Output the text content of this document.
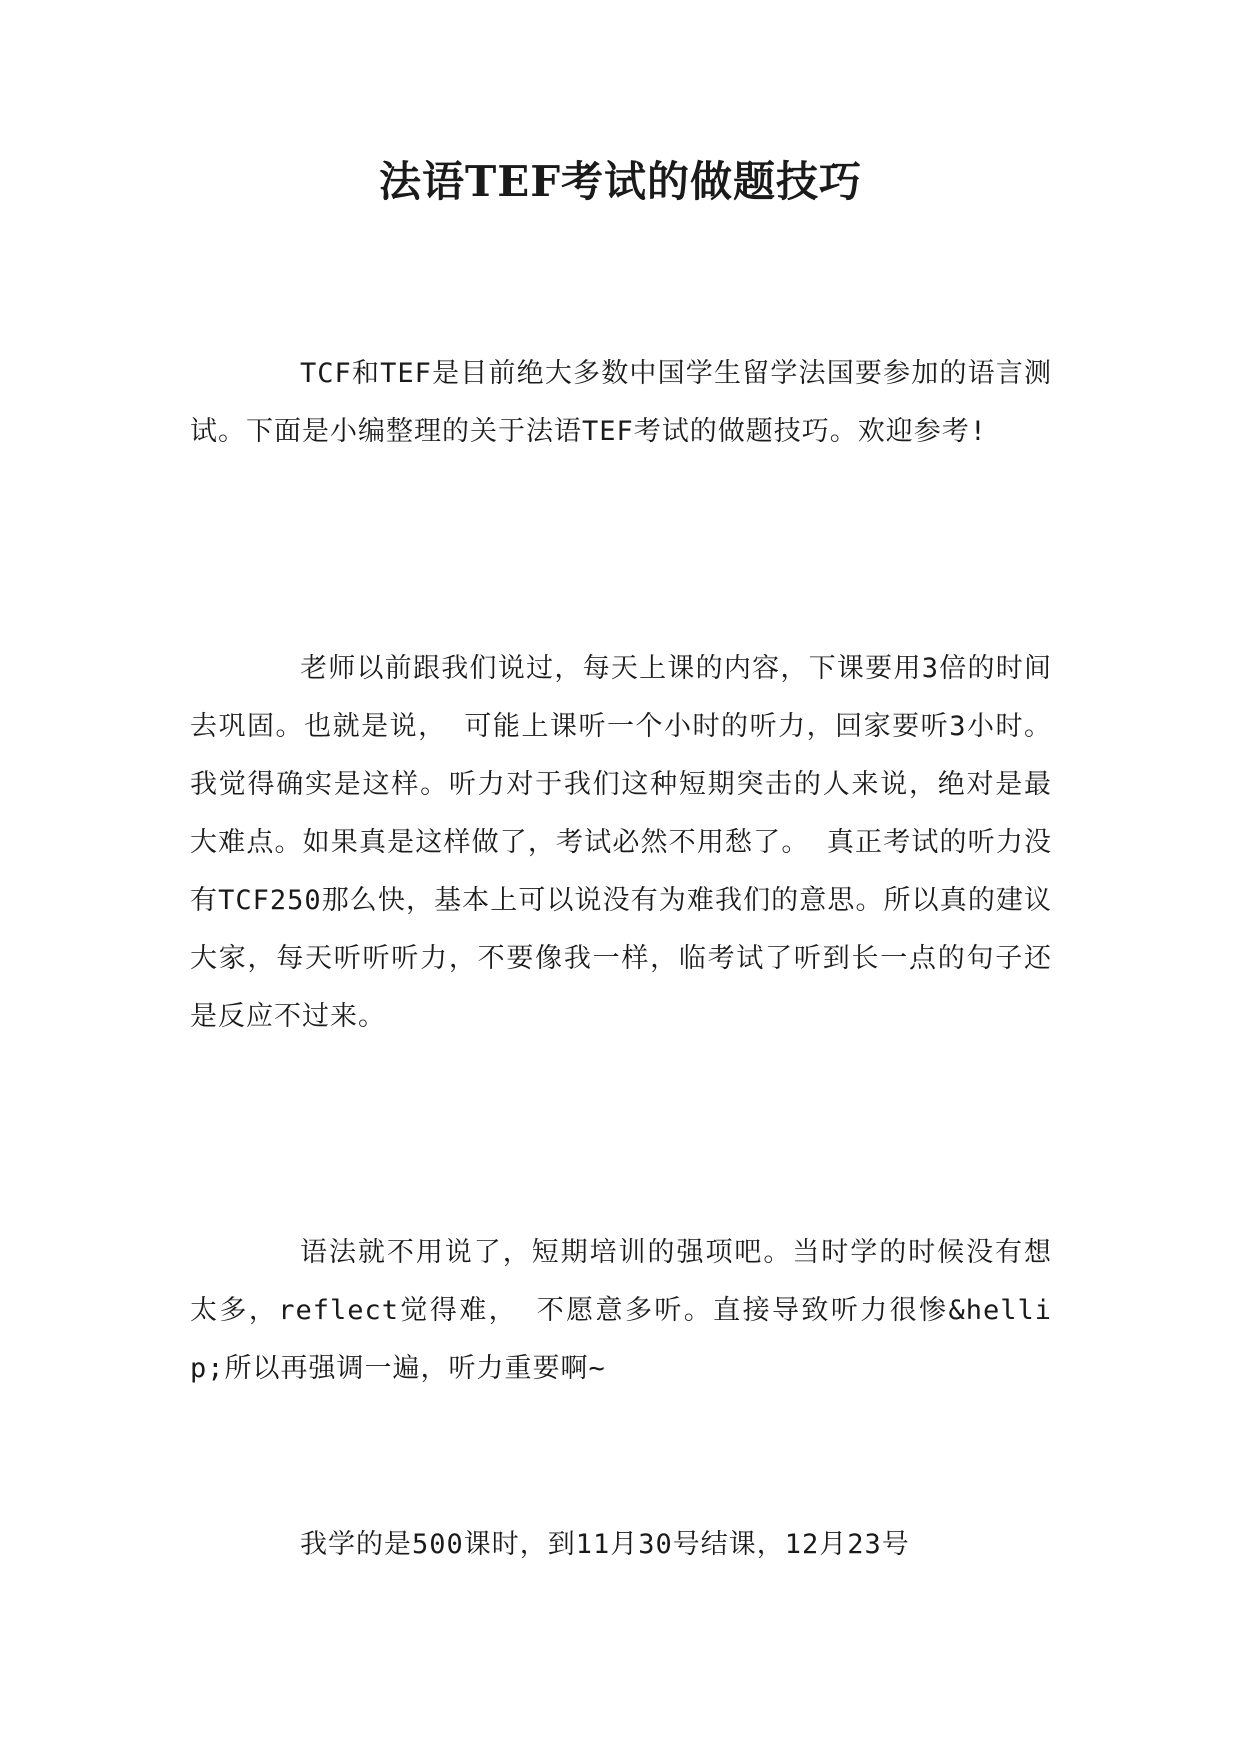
法语TEF考试的做题技巧

TCF和TEF是目前绝大多数中国学生留学法国要参加的语言测试。下面是小编整理的关于法语TEF考试的做题技巧。欢迎参考!

老师以前跟我们说过，每天上课的内容，下课要用3倍的时间去巩固。也就是说， 可能上课听一个小时的听力，回家要听3小时。我觉得确实是这样。听力对于我们这种短期突击的人来说，绝对是最大难点。如果真是这样做了，考试必然不用愁了。 真正考试的听力没有TCF250那么快，基本上可以说没有为难我们的意思。所以真的建议大家，每天听听听力，不要像我一样，临考试了听到长一点的句子还是反应不过来。

语法就不用说了，短期培训的强项吧。当时学的时候没有想太多，reflect觉得难， 不愿意多听。直接导致听力很惨&hellip;所以再强调一遍，听力重要啊~

我学的是500课时，到11月30号结课，12月23号
